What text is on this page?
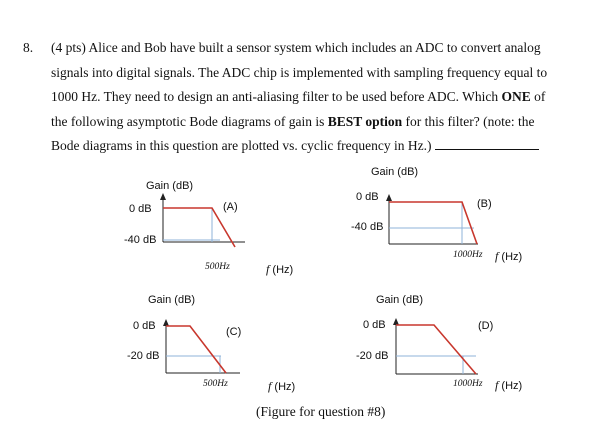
8. (4 pts) Alice and Bob have built a sensor system which includes an ADC to convert analog
signals into digital signals. The ADC chip is implemented with sampling frequency equal to
1000 Hz. They need to design an anti-aliasing filter to be used before ADC. Which ONE of
the following asymptotic Bode diagrams of gain is BEST option for this filter? (note: the
Bode diagrams in this question are plotted vs. cyclic frequency in Hz.)
Gain (dB)
0 dB
-40 dB
(A)
500Hz	f (Hz)
Gain (dB)
0 dB
-40 dB
(B)
1000Hz f (Hz)
Gain (dB)
0 dB
-20 dB
(C)
500Hz	f (Hz)
Gain (dB)
0 dB
-20 dB
(D)
1000Hz f (Hz)
(Figure for question #8)
